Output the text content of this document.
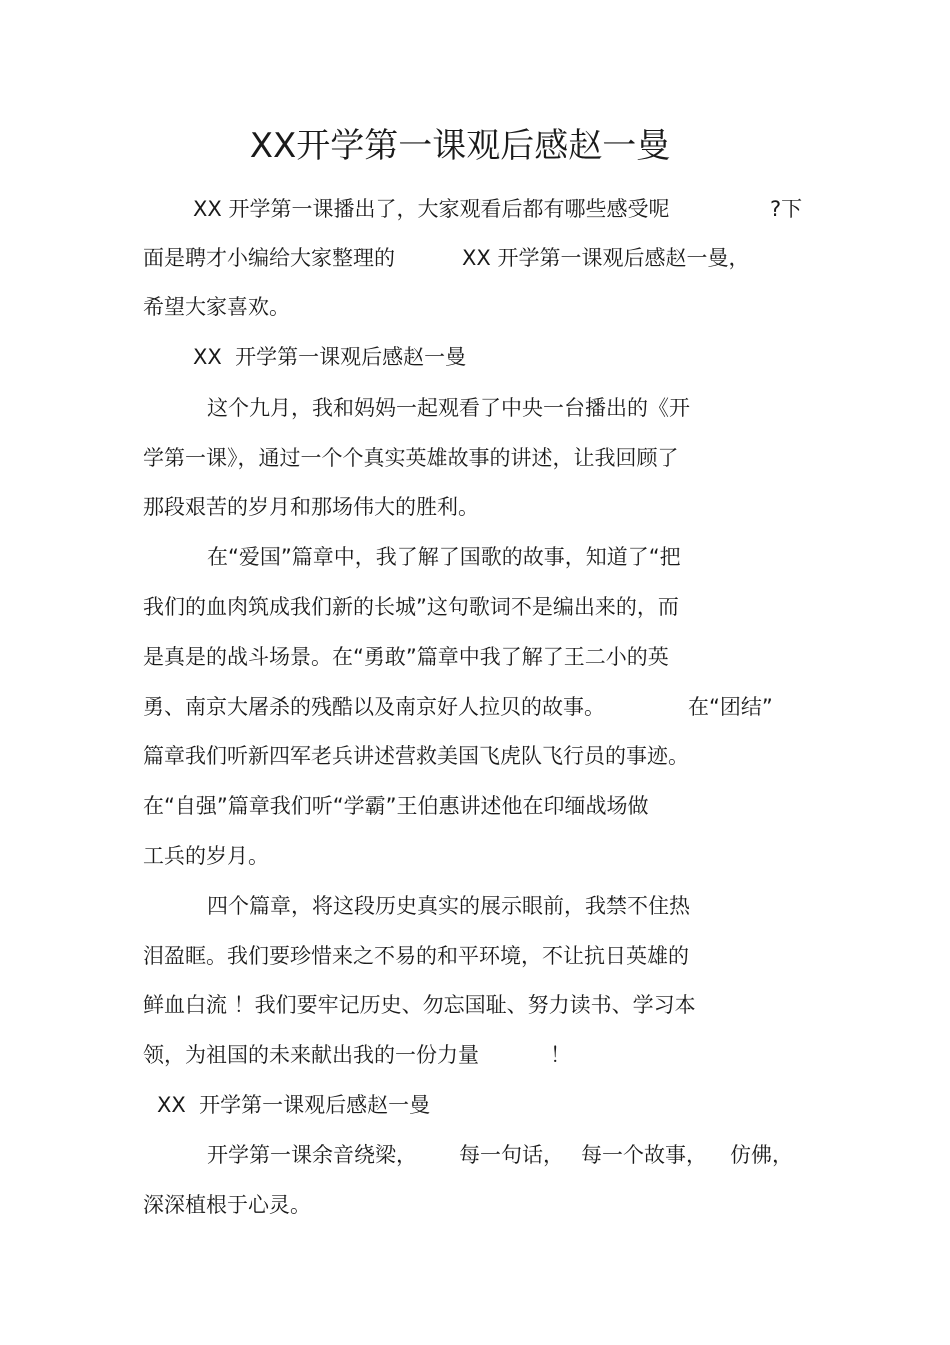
XX开学第一课观后感赵一曼
XX 开学第一课播出了，大家观看后都有哪些感受呢	?下
面是聘才小编给大家整理的	XX 开学第一课观后感赵一曼，
希望大家喜欢。
XX  开学第一课观后感赵一曼
这个九月，我和妈妈一起观看了中央一台播出的《开
学第一课》，通过一个个真实英雄故事的讲述，让我回顾了
那段艰苦的岁月和那场伟大的胜利。
在“爱国”篇章中，我了解了国歌的故事，知道了“把
我们的血肉筑成我们新的长城”这句歌词不是编出来的，而
是真是的战斗场景。在“勇敢”篇章中我了解了王二小的英
勇、南京大屠杀的残酷以及南京好人拉贝的故事。	在“团结”
篇章我们听新四军老兵讲述营救美国飞虎队飞行员的事迹。
在“自强”篇章我们听“学霸”王伯惠讲述他在印缅战场做
工兵的岁月。
四个篇章，将这段历史真实的展示眼前，我禁不住热
泪盈眶。我们要珍惜来之不易的和平环境，不让抗日英雄的
鲜血白流 ！我们要牢记历史、勿忘国耻、努力读书、学习本
领，为祖国的未来献出我的一份力量	！
XX  开学第一课观后感赵一曼
开学第一课余音绕梁， 每一句话， 每一个故事， 仿佛，
深深植根于心灵。
